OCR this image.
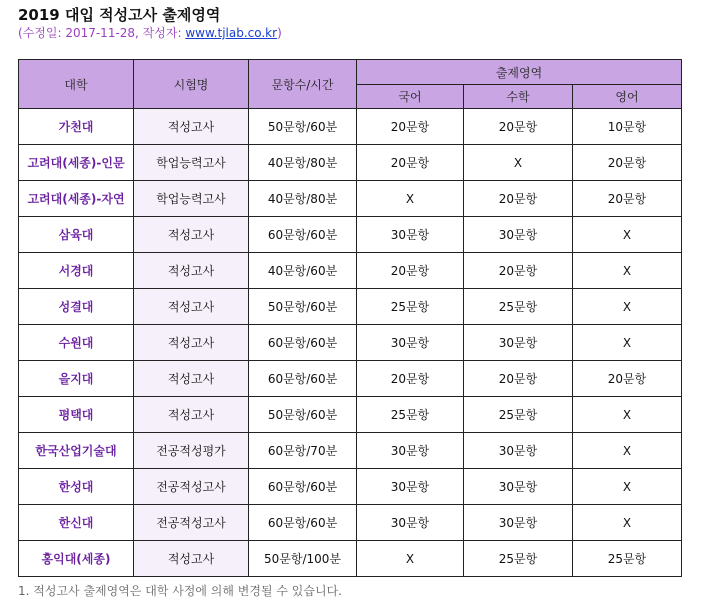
2019 대입 적성고사 출제영역
(수정일: 2017-11-28, 작성자: www.tjlab.co.kr)
대학	시험명	문항수/시간	출제영역		
			국어	수학	영어
가천대	적성고사	50문항/60분	20문항	20문항	10문항
고려대(세종)-인문	학업능력고사	40문항/80분	20문항	X	20문항
고려대(세종)-자연	학업능력고사	40문항/80분	X	20문항	20문항
삼육대	적성고사	60문항/60분	30문항	30문항	X
서경대	적성고사	40문항/60분	20문항	20문항	X
성결대	적성고사	50문항/60분	25문항	25문항	X
수원대	적성고사	60문항/60분	30문항	30문항	X
을지대	적성고사	60문항/60분	20문항	20문항	20문항
평택대	적성고사	50문항/60분	25문항	25문항	X
한국산업기술대	전공적성평가	60문항/70분	30문항	30문항	X
한성대	전공적성고사	60문항/60분	30문항	30문항	X
한신대	전공적성고사	60문항/60분	30문항	30문항	X
홍익대(세종)	적성고사	50문항/100분	X	25문항	25문항
1. 적성고사 출제영역은 대학 사정에 의해 변경될 수 있습니다.
